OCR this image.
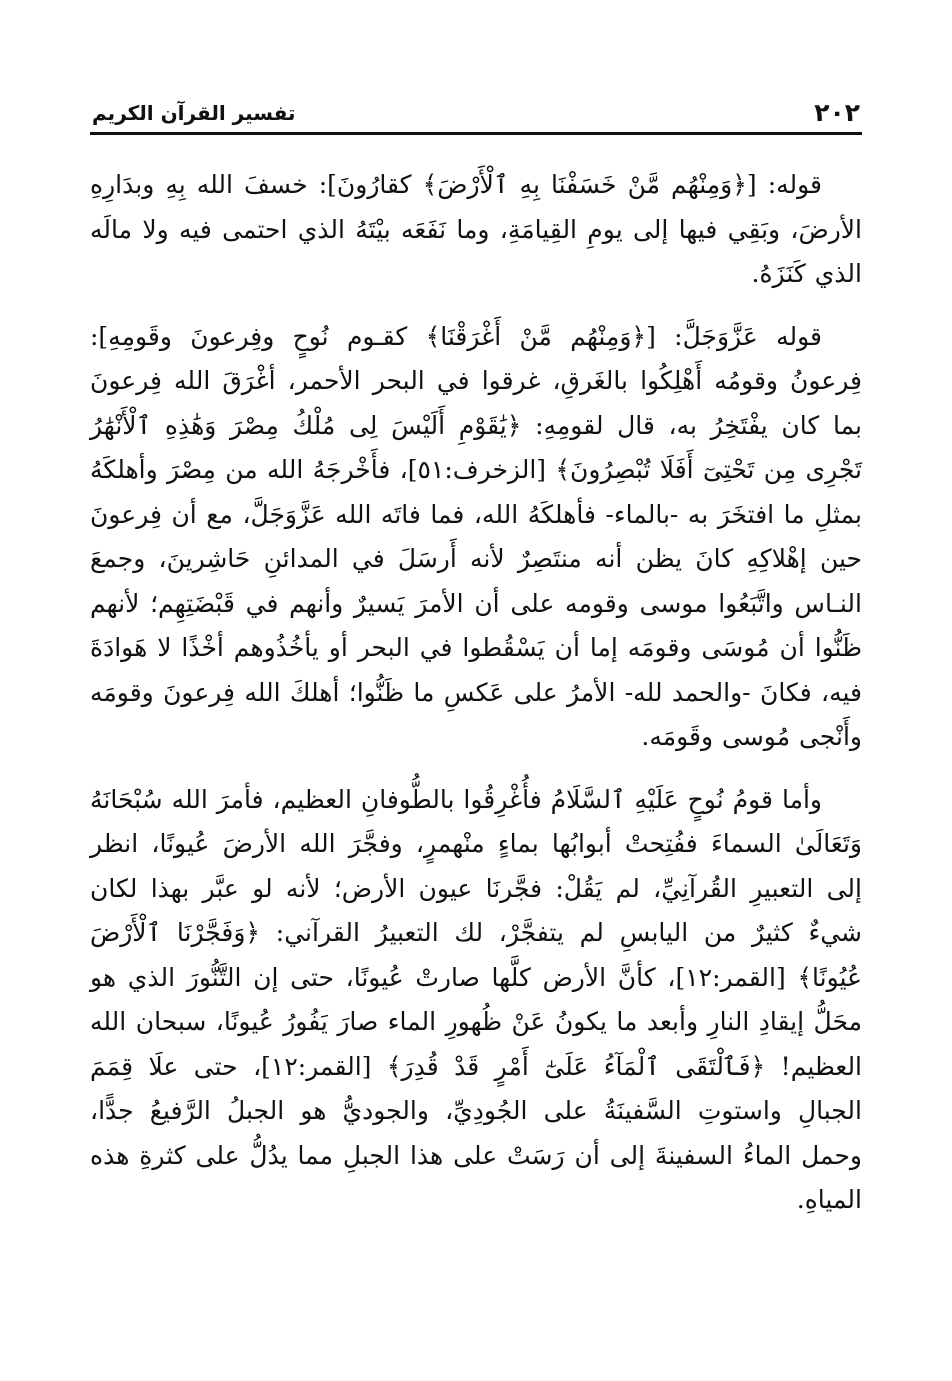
٢٠٢
تفسير القرآن الكريم

قوله: [﴿وَمِنْهُم مَّنْ خَسَفْنَا بِهِ ٱلْأَرْضَ﴾ كقارُونَ]: خسفَ الله بِهِ وبدَارِهِ الأرضَ، وبَقِي فيها إلى يومِ القِيامَةِ، وما نَفَعَه بيْتَهُ الذي احتمى فيه ولا مالَه الذي كَنَزَهُ.

قوله عَزَّوَجَلَّ: [﴿وَمِنْهُم مَّنْ أَغْرَقْنَا﴾ كقـوم نُوحٍ وفِرعونَ وقَومِهِ]: فِرعونُ وقومُه أَهْلِكُوا بالغَرقِ، غرقوا في البحر الأحمر، أغْرَقَ الله فِرعونَ بما كان يفْتَخِرُ به، قال لقومِهِ: ﴿يَٰقَوْمِ أَلَيْسَ لِى مُلْكُ مِصْرَ وَهَٰذِهِ ٱلْأَنْهَٰرُ تَجْرِى مِن تَحْتِىٓ أَفَلَا تُبْصِرُونَ﴾ [الزخرف:٥١]، فأَخْرجَهُ الله من مِصْرَ وأهلكَهُ بمثلِ ما افتخَرَ به -بالماء- فأهلكَهُ الله، فما فاتَه الله عَزَّوَجَلَّ، مع أن فِرعونَ حين إهْلاكِهِ كانَ يظن أنه منتَصِرٌ لأنه أَرسَلَ في المدائنِ حَاشِرينَ، وجمعَ النـاس واتَّبَعُوا موسى وقومه على أن الأمرَ يَسيرٌ وأنهم في قَبْضَتِهِم؛ لأنهم ظَنُّوا أن مُوسَى وقومَه إما أن يَسْقُطوا في البحر أو يأخُذُوهم أخْذًا لا هَوادَةَ فيه، فكانَ -والحمد لله- الأمرُ على عَكسِ ما ظَنُّوا؛ أهلكَ الله فِرعونَ وقومَه وأَنْجى مُوسى وقَومَه.

وأما قومُ نُوحٍ عَلَيْهِ ٱلسَّلَامُ فأُغْرِقُوا بالطُّوفانِ العظيم، فأمرَ الله سُبْحَانَهُ وَتَعَالَىٰ السماءَ ففُتِحتْ أبوابُها بماءٍ منْهمرٍ، وفجَّرَ الله الأرضَ عُيونًا، انظر إلى التعبيرِ القُرآنِيِّ، لم يَقُلْ: فجَّرنَا عيون الأرض؛ لأنه لو عبَّر بهذا لكان شيءٌ كثيرٌ من اليابسِ لم يتفجَّرْ، لك التعبيرُ القرآني: ﴿وَفَجَّرْنَا ٱلْأَرْضَ عُيُونًا﴾ [القمر:١٢]، كأنَّ الأرض كلَّها صارتْ عُيونًا، حتى إن التَّنُّورَ الذي هو محَلُّ إيقادِ النارِ وأبعد ما يكونُ عَنْ ظُهورِ الماء صارَ يَفُورُ عُيونًا، سبحان الله العظيم! ﴿فَٱلْتَقَى ٱلْمَآءُ عَلَىٰٓ أَمْرٍ قَدْ قُدِرَ﴾ [القمر:١٢]، حتى علَا قِمَمَ الجبالِ واستوتِ السَّفينَةُ على الجُودِيِّ، والجوديُّ هو الجبلُ الرَّفيعُ جدًّا، وحمل الماءُ السفينةَ إلى أن رَسَتْ على هذا الجبلِ مما يدُلُّ على كثرةِ هذه المياهِ.
